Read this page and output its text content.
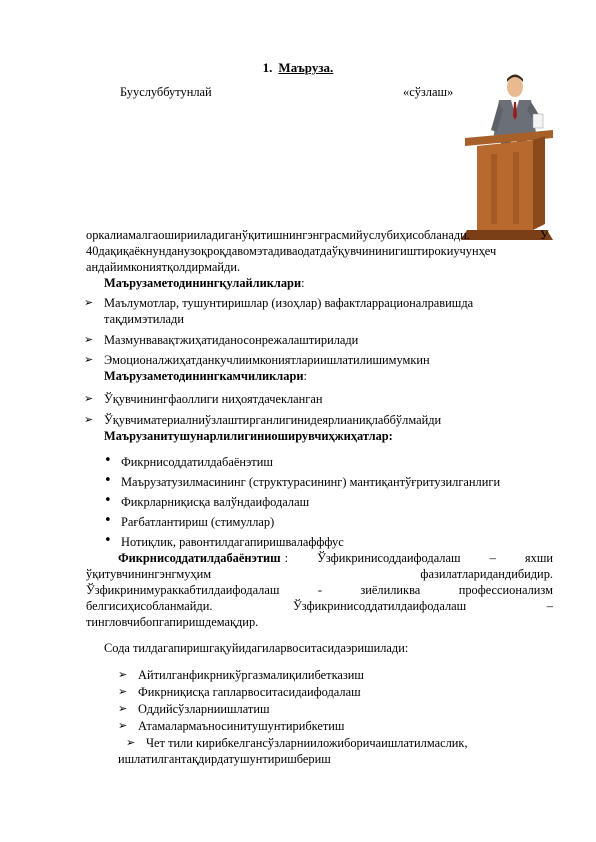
1. Маъруза.
Бууслуббутунлай	«сўзлаш»
оркалиамалгаоширииладиганўқитишнингэнгрaсмийуслубиҳисобланади.	У
40дақиқаёкнунданузоқроқдавомэтадиваодатдаўқувчининигиштирокиучунҳеч
андайимкониятқолдирмайди.
Маърузаметодинингқулайликлари:
➢ Маълумотлар, тушунтиришлар (изоҳлар) вафактларрационалравишда
тақдимэтилади
➢ Мазмунвавақтжиҳатиданосонрежалаштирилади
➢ Эмоционалжиҳатданкучлиимкониятлариишлатилишимумкин
Маърузаметодинингкамчиликлари:
➢ Ўқувчинингфаоллиги ниҳоятдачекланган
➢ Ўқувчиматериалниўзлаштирганлигинидеярлианиқлаббўлмайди
Маърузанитушунарлилигиниоширувчиҳжиҳатлар:
• Фикрнисоддатилдабаёнэтиш
• Маърузатузилмасининг (структурасининг) мантиқантўғритузилганлиги
• Фикрларниқисқа валўндаифодалаш
• Рағбатлантириш (стимуллар)
• Нотиқлик, равонтилдагапиришвалафффус
Фикрнисоддатилдабаёнэтиш : Ўзфикринисоддаифодалаш – яхши
ўқитувчинингэнгмуҳим	фазилатларидандибидир.
Ўзфикринимураккабтилдаифодалаш	-	зиёлиликва	профессионализм
белгисиҳисобланмайди.	Ўзфикринисоддатилдаифодалаш	–
тингловчибопгапиришдемақдир.
Содa тилдагапиришгақуйидагиларвоситасидаэришилади:
➢ Айтилганфикрникўргазмалиқилибетказиш
➢ Фикрниқисқа гапларвоситасидаифодалаш
➢ Оддийсўзларниишлатиш
➢ Атамалармаъносинитушунтирибкетиш
➢ Чет тили кирибкелгансўзларнииложибoричаишлатилмаслик,
ишлатилгантақдирдатушунтиришбериш
